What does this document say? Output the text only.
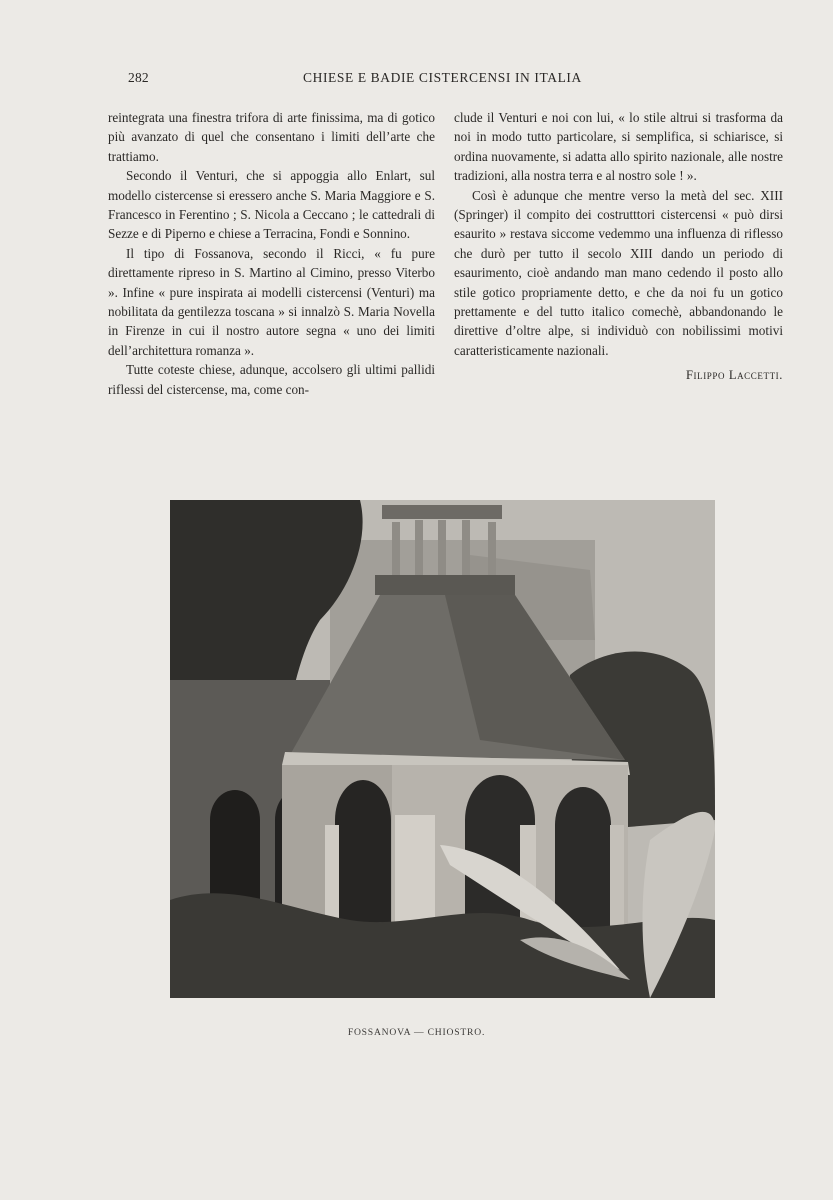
282	CHIESE E BADIE CISTERCENSI IN ITALIA

reintegrata una finestra trifora di arte finissima, ma di gotico più avanzato di quel che consentano i limiti dell’arte che trattiamo.

Secondo il Venturi, che si appoggia allo Enlart, sul modello cistercense si eressero anche S. Maria Maggiore e S. Francesco in Ferentino ; S. Nicola a Ceccano ; le cattedrali di Sezze e di Piperno e chiese a Terracina, Fondi e Sonnino.

Il tipo di Fossanova, secondo il Ricci, « fu pure direttamente ripreso in S. Martino al Cimino, presso Viterbo ». Infine « pure inspirata ai modelli cistercensi (Venturi) ma nobilitata da gentilezza toscana » si innalzò S. Maria Novella in Firenze in cui il nostro autore segna « uno dei limiti dell’architettura romanza ».

Tutte coteste chiese, adunque, accolsero gli ultimi pallidi riflessi del cistercense, ma, come con-

clude il Venturi e noi con lui, « lo stile altrui si trasforma da noi in modo tutto particolare, si semplifica, si schiarisce, si ordina nuovamente, si adatta allo spirito nazionale, alle nostre tradizioni, alla nostra terra e al nostro sole ! ».

Così è adunque che mentre verso la metà del sec. XIII (Springer) il compito dei costrutttori cistercensi « può dirsi esaurito » restava siccome vedemmo una influenza di riflesso che durò per tutto il secolo XIII dando un periodo di esaurimento, cioè andando man mano cedendo il posto allo stile gotico propriamente detto, e che da noi fu un gotico prettamente e del tutto italico comechè, abbandonando le direttive d’oltre alpe, si individuò con nobilissimi motivi caratteristicamente nazionali.

Filippo Laccetti.
FOSSANOVA — CHIOSTRO.
